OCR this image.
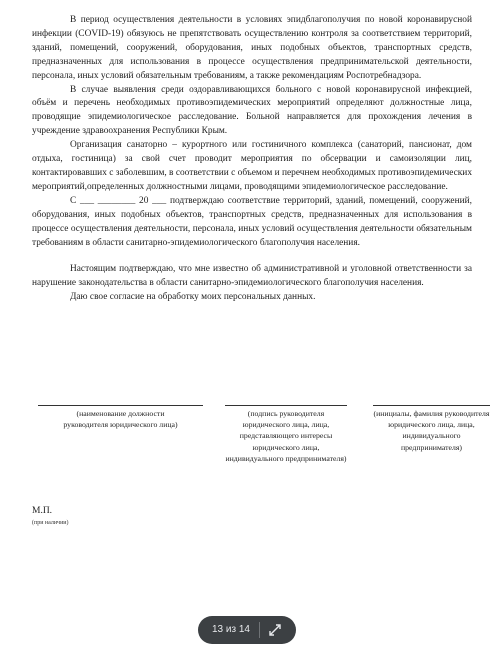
В период осуществления деятельности в условиях эпидблагополучия по новой коронавирусной инфекции (COVID-19) обязуюсь не препятствовать осуществлению контроля за соответствием территорий, зданий, помещений, сооружений, оборудования, иных подобных объектов, транспортных средств, предназначенных для использования в процессе осуществления предпринимательской деятельности, персонала, иных условий обязательным требованиям, а также рекомендациям Роспотребнадзора.

В случае выявления среди оздоравливающихся больного с новой коронавирусной инфекцией, объём и перечень необходимых противоэпидемических мероприятий определяют должностные лица, проводящие эпидемиологическое расследование. Больной направляется для прохождения лечения в учреждение здравоохранения Республики Крым.

Организация санаторно – курортного или гостиничного комплекса (санаторий, пансионат, дом отдыха, гостиница) за свой счет проводит мероприятия по обсервации и самоизоляции лиц, контактировавших с заболевшим, в соответствии с объемом и перечнем необходимых противоэпидемических мероприятий,определенных должностными лицами, проводящими эпидемиологическое расследование.

С ___ ________ 20 ___ подтверждаю соответствие территорий, зданий, помещений, сооружений, оборудования, иных подобных объектов, транспортных средств, предназначенных для использования в процессе осуществления деятельности, персонала, иных условий осуществления деятельности обязательным требованиям в области санитарно-эпидемиологического благополучия населения.

Настоящим подтверждаю, что мне известно об административной и уголовной ответственности за нарушение законодательства в области санитарно-эпидемиологического благополучия населения.

Даю свое согласие на обработку моих персональных данных.

(наименование должности руководителя юридического лица)
(подпись руководителя юридического лица, лица, представляющего интересы юридического лица, индивидуального предпринимателя)
(инициалы, фамилия руководителя юридического лица, лица, индивидуального предпринимателя)
М.П.
(при наличии)
13 из 14
